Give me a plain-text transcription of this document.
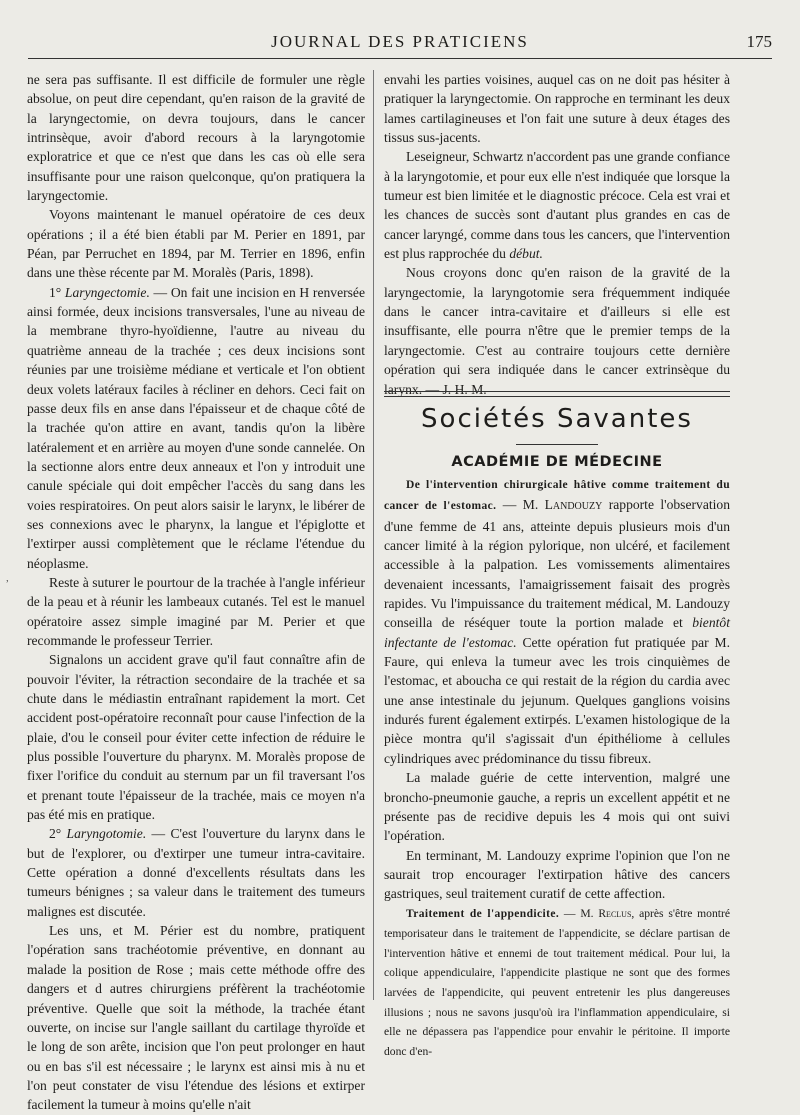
JOURNAL DES PRATICIENS	175
,

ne sera pas suffisante. Il est difficile de formuler une règle absolue, on peut dire cependant, qu'en raison de la gravité de la laryngectomie, on devra toujours, dans le cancer intrinsèque, avoir d'abord recours à la laryngotomie exploratrice et que ce n'est que dans les cas où elle sera insuffisante pour une raison quelconque, qu'on pratiquera la laryngectomie.

Voyons maintenant le manuel opératoire de ces deux opérations ; il a été bien établi par M. Perier en 1891, par Péan, par Perruchet en 1894, par M. Terrier en 1896, enfin dans une thèse récente par M. Moralès (Paris, 1898).

1° Laryngectomie. — On fait une incision en H renversée ainsi formée, deux incisions transversales, l'une au niveau de la membrane thyro-hyoïdienne, l'autre au niveau du quatrième anneau de la trachée ; ces deux incisions sont réunies par une troisième médiane et verticale et l'on obtient deux volets latéraux faciles à récliner en dehors. Ceci fait on passe deux fils en anse dans l'épaisseur et de chaque côté de la trachée qu'on attire en avant, tandis qu'on la libère latéralement et en arrière au moyen d'une sonde cannelée. On la sectionne alors entre deux anneaux et l'on y introduit une canule spéciale qui doit empêcher l'accès du sang dans les voies respiratoires. On peut alors saisir le larynx, le libérer de ses connexions avec le pharynx, la langue et l'épiglotte et l'extirper aussi complètement que le réclame l'étendue du néoplasme.

Reste à suturer le pourtour de la trachée à l'angle inférieur de la peau et à réunir les lambeaux cutanés. Tel est le manuel opératoire assez simple imaginé par M. Perier et que recommande le professeur Terrier.

Signalons un accident grave qu'il faut connaître afin de pouvoir l'éviter, la rétraction secondaire de la trachée et sa chute dans le médiastin entraînant rapidement la mort. Cet accident post-opératoire reconnaît pour cause l'infection de la plaie, d'ou le conseil pour éviter cette infection de réduire le plus possible l'ouverture du pharynx. M. Moralès propose de fixer l'orifice du conduit au sternum par un fil traversant l'os et prenant toute l'épaisseur de la trachée, mais ce moyen n'a pas été mis en pratique.

2° Laryngotomie. — C'est l'ouverture du larynx dans le but de l'explorer, ou d'extirper une tumeur intra-cavitaire. Cette opération a donné d'excellents résultats dans les tumeurs bénignes ; sa valeur dans le traitement des tumeurs malignes est discutée.

Les uns, et M. Périer est du nombre, pratiquent l'opération sans trachéotomie préventive, en donnant au malade la position de Rose ; mais cette méthode offre des dangers et d autres chirurgiens préfèrent la trachéotomie préventive. Quelle que soit la méthode, la trachée étant ouverte, on incise sur l'angle saillant du cartilage thyroïde et le long de son arête, incision que l'on peut prolonger en haut ou en bas s'il est nécessaire ; le larynx est ainsi mis à nu et l'on peut constater de visu l'étendue des lésions et extirper facilement la tumeur à moins qu'elle n'ait

envahi les parties voisines, auquel cas on ne doit pas hésiter à pratiquer la laryngectomie. On rapproche en terminant les deux lames cartilagineuses et l'on fait une suture à deux étages des tissus sus-jacents.

Leseigneur, Schwartz n'accordent pas une grande confiance à la laryngotomie, et pour eux elle n'est indiquée que lorsque la tumeur est bien limitée et le diagnostic précoce. Cela est vrai et les chances de succès sont d'autant plus grandes en cas de cancer laryngé, comme dans tous les cancers, que l'intervention est plus rapprochée du début.

Nous croyons donc qu'en raison de la gravité de la laryngectomie, la laryngotomie sera fréquemment indiquée dans le cancer intra-cavitaire et d'ailleurs si elle est insuffisante, elle pourra n'être que le premier temps de la laryngectomie. C'est au contraire toujours cette dernière opération qui sera indiquée dans le cancer extrinsèque du larynx. — J. H. M.

Sociétés Savantes
ACADÉMIE DE MÉDECINE

De l'intervention chirurgicale hâtive comme traitement du cancer de l'estomac. — M. Landouzy rapporte l'observation d'une femme de 41 ans, atteinte depuis plusieurs mois d'un cancer limité à la région pylorique, non ulcéré, et facilement accessible à la palpation. Les vomissements alimentaires devenaient incessants, l'amaigrissement faisait des progrès rapides. Vu l'impuissance du traitement médical, M. Landouzy conseilla de réséquer toute la portion malade et bientôt infectante de l'estomac. Cette opération fut pratiquée par M. Faure, qui enleva la tumeur avec les trois cinquièmes de l'estomac, et aboucha ce qui restait de la région du cardia avec une anse intestinale du jejunum. Quelques ganglions voisins indurés furent également extirpés. L'examen histologique de la pièce montra qu'il s'agissait d'un épithéliome à cellules cylindriques avec prédominance du tissu fibreux.

La malade guérie de cette intervention, malgré une broncho-pneumonie gauche, a repris un excellent appétit et ne présente pas de recidive depuis les 4 mois qui ont suivi l'opération.

En terminant, M. Landouzy exprime l'opinion que l'on ne saurait trop encourager l'extirpation hâtive des cancers gastriques, seul traitement curatif de cette affection.

Traitement de l'appendicite. — M. Reclus, après s'être montré temporisateur dans le traitement de l'appendicite, se déclare partisan de l'intervention hâtive et ennemi de tout traitement médical. Pour lui, la colique appendiculaire, l'appendicite plastique ne sont que des formes larvées de l'appendicite, qui peuvent entretenir les plus dangereuses illusions ; nous ne savons jusqu'où ira l'inflammation appendiculaire, si elle ne dépassera pas l'appendice pour envahir le péritoine. Il importe donc d'en-
